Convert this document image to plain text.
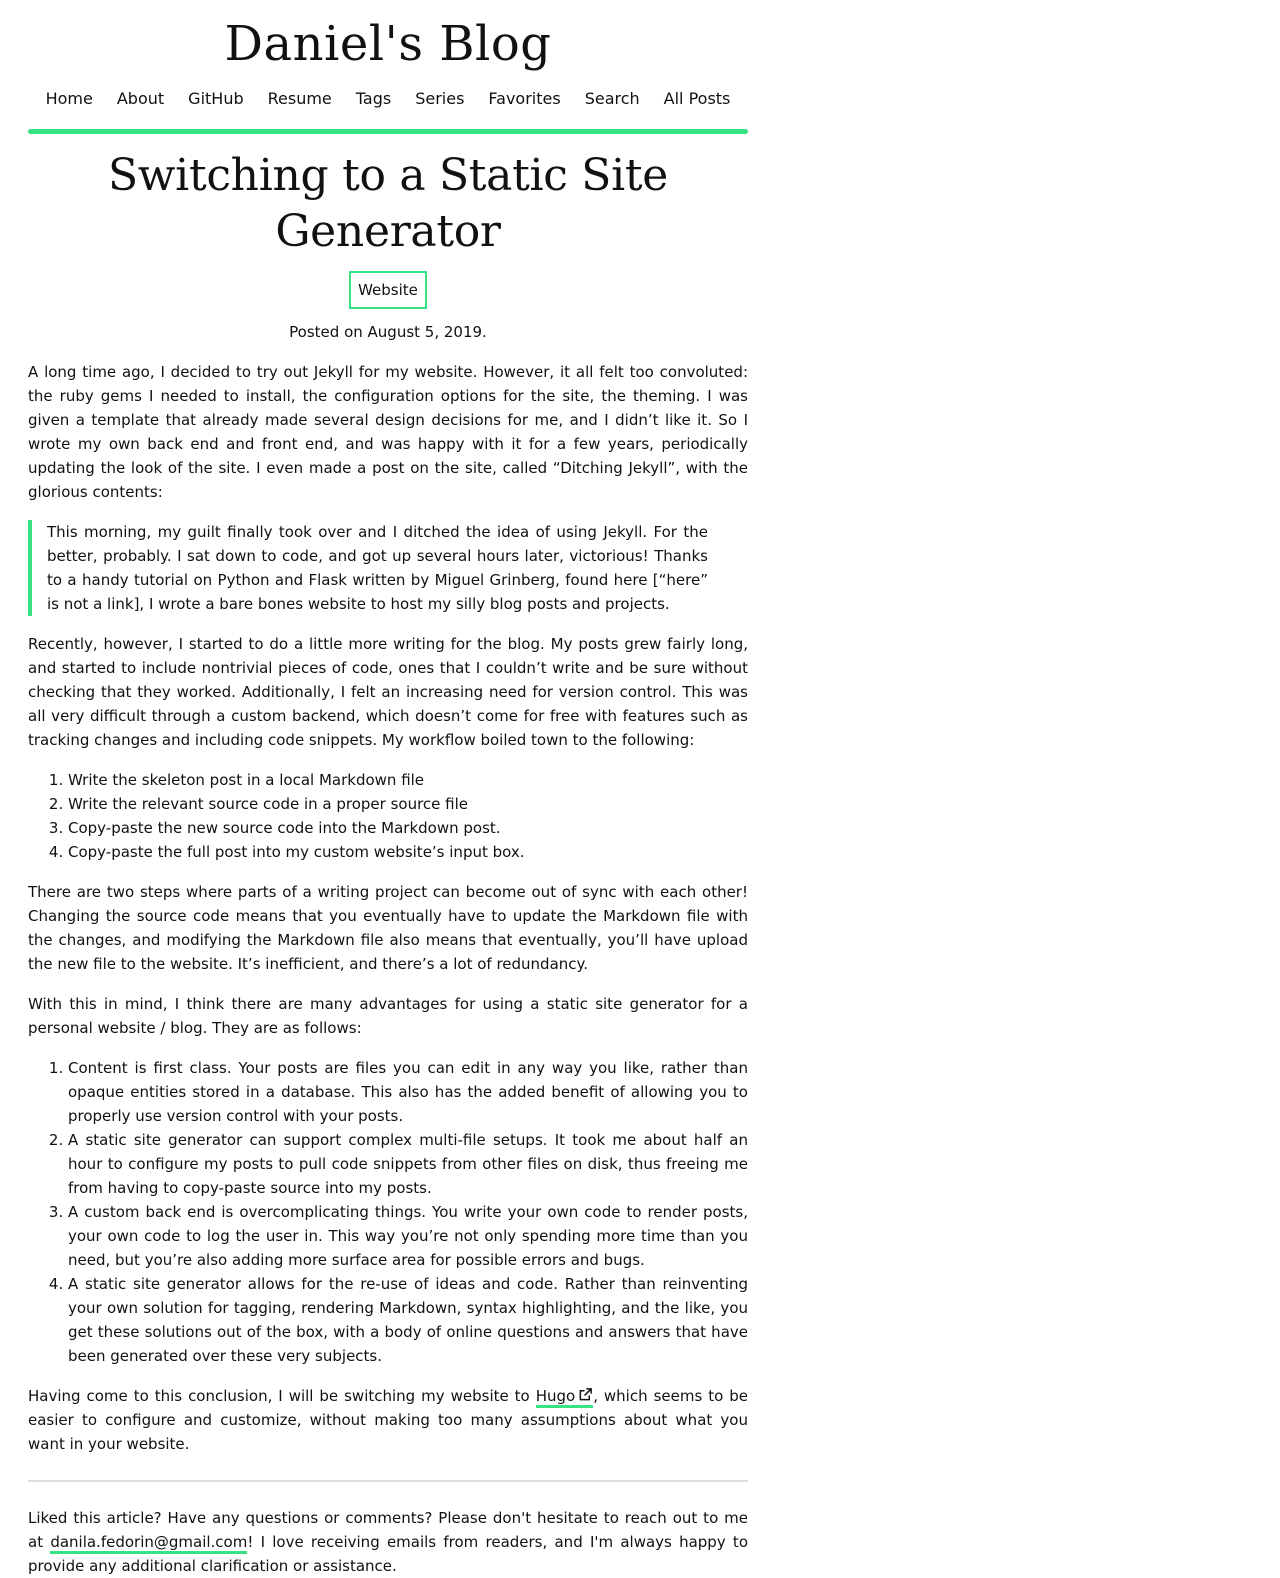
Daniel's Blog
Home	About	GitHub	Resume	Tags	Series	Favorites	Search	All Posts
Switching to a Static Site Generator
Website
Posted on August 5, 2019.

A long time ago, I decided to try out Jekyll for my website. However, it all felt too convoluted: the ruby gems I needed to install, the configuration options for the site, the theming. I was given a template that already made several design decisions for me, and I didn’t like it. So I wrote my own back end and front end, and was happy with it for a few years, periodically updating the look of the site. I even made a post on the site, called “Ditching Jekyll”, with the glorious contents:

This morning, my guilt finally took over and I ditched the idea of using Jekyll. For the better, probably. I sat down to code, and got up several hours later, victorious! Thanks to a handy tutorial on Python and Flask written by Miguel Grinberg, found here [“here” is not a link], I wrote a bare bones website to host my silly blog posts and projects.

Recently, however, I started to do a little more writing for the blog. My posts grew fairly long, and started to include nontrivial pieces of code, ones that I couldn’t write and be sure without checking that they worked. Additionally, I felt an increasing need for version control. This was all very difficult through a custom backend, which doesn’t come for free with features such as tracking changes and including code snippets. My workflow boiled town to the following:

1. Write the skeleton post in a local Markdown file
2. Write the relevant source code in a proper source file
3. Copy-paste the new source code into the Markdown post.
4. Copy-paste the full post into my custom website’s input box.

There are two steps where parts of a writing project can become out of sync with each other! Changing the source code means that you eventually have to update the Markdown file with the changes, and modifying the Markdown file also means that eventually, you’ll have upload the new file to the website. It’s inefficient, and there’s a lot of redundancy.

With this in mind, I think there are many advantages for using a static site generator for a personal website / blog. They are as follows:

1. Content is first class. Your posts are files you can edit in any way you like, rather than opaque entities stored in a database. This also has the added benefit of allowing you to properly use version control with your posts.
2. A static site generator can support complex multi-file setups. It took me about half an hour to configure my posts to pull code snippets from other files on disk, thus freeing me from having to copy-paste source into my posts.
3. A custom back end is overcomplicating things. You write your own code to render posts, your own code to log the user in. This way you’re not only spending more time than you need, but you’re also adding more surface area for possible errors and bugs.
4. A static site generator allows for the re-use of ideas and code. Rather than reinventing your own solution for tagging, rendering Markdown, syntax highlighting, and the like, you get these solutions out of the box, with a body of online questions and answers that have been generated over these very subjects.

Having come to this conclusion, I will be switching my website to Hugo , which seems to be easier to configure and customize, without making too many assumptions about what you want in your website.

Liked this article? Have any questions or comments? Please don't hesitate to reach out to me at danila.fedorin@gmail.com! I love receiving emails from readers, and I'm always happy to provide any additional clarification or assistance.
